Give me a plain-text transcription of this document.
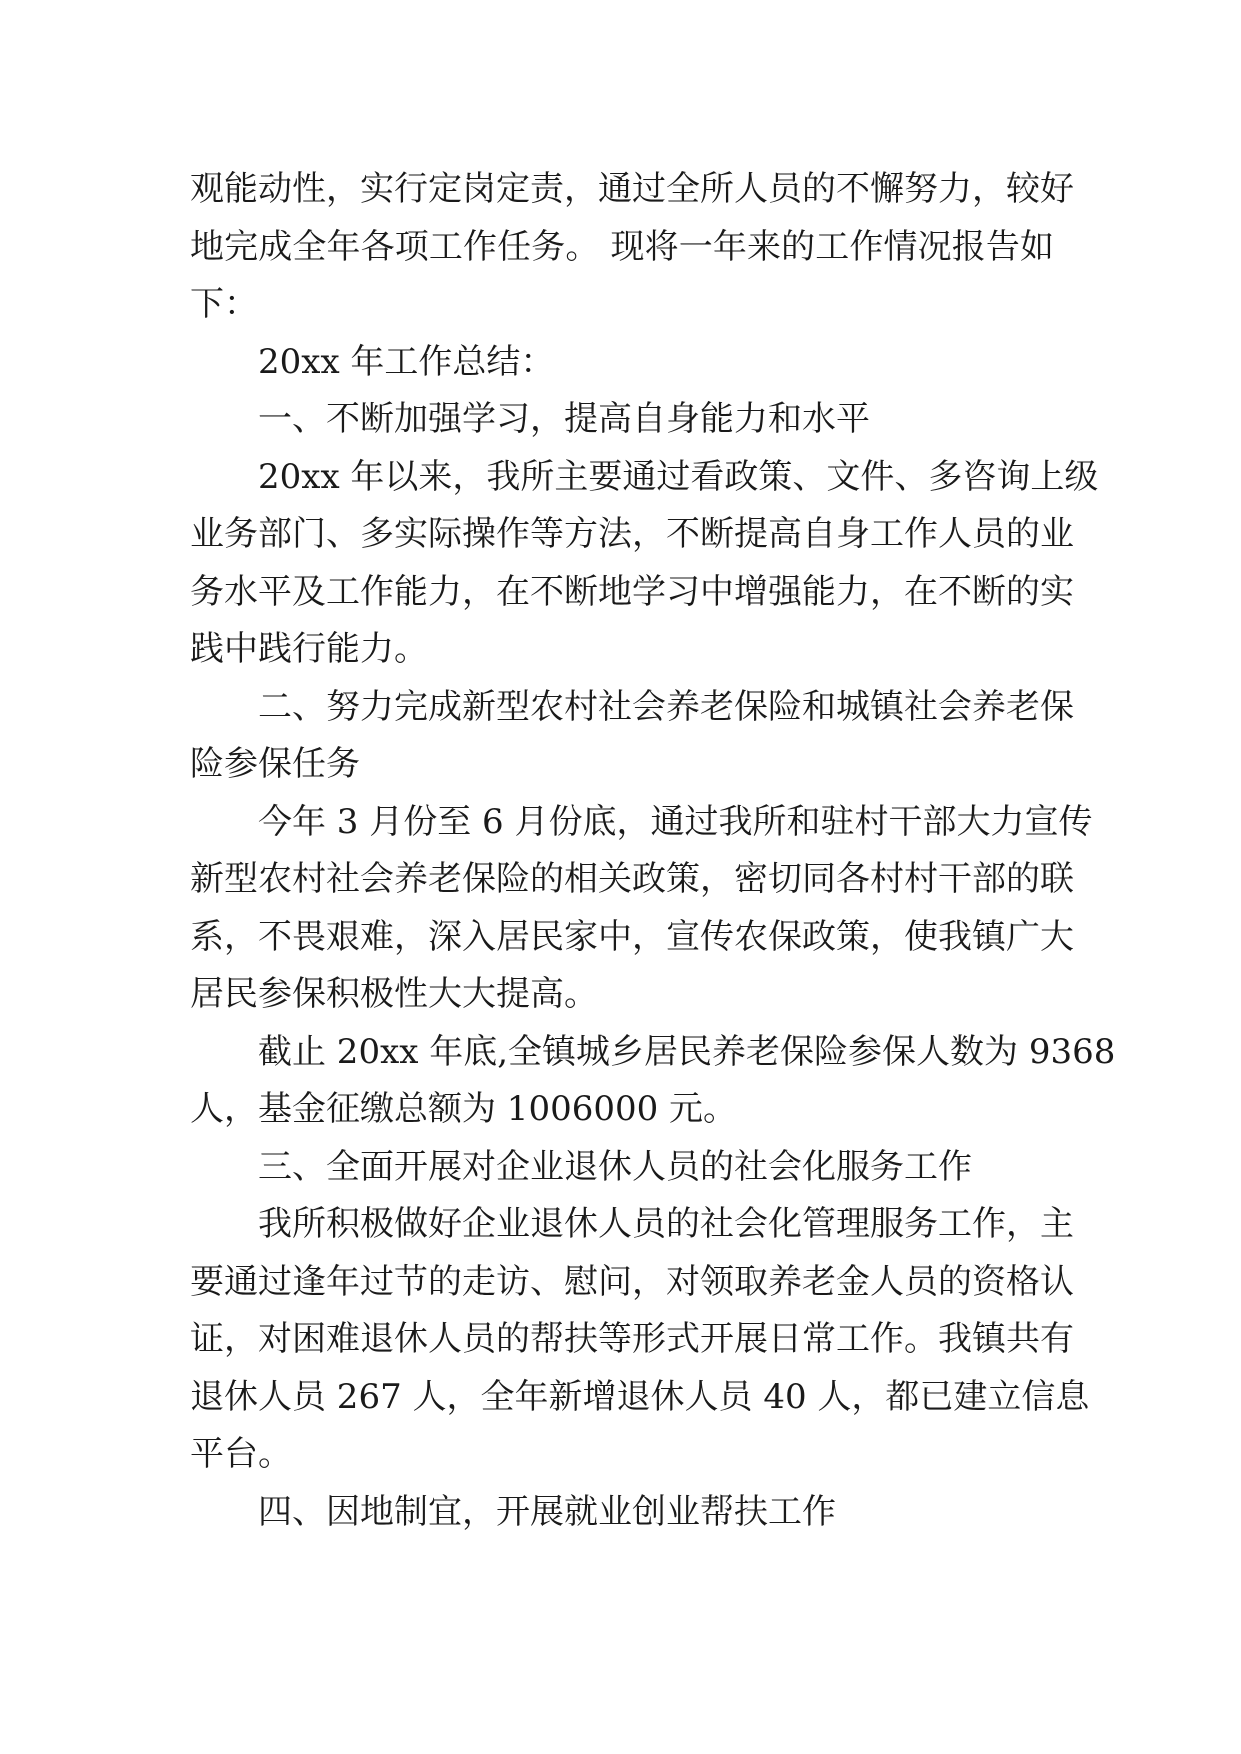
观能动性，实行定岗定责，通过全所人员的不懈努力，较好
地完成全年各项工作任务。 现将一年来的工作情况报告如
下：
20xx 年工作总结：
一、不断加强学习，提高自身能力和水平
20xx 年以来，我所主要通过看政策、文件、多咨询上级
业务部门、多实际操作等方法，不断提高自身工作人员的业
务水平及工作能力，在不断地学习中增强能力，在不断的实
践中践行能力。
二、努力完成新型农村社会养老保险和城镇社会养老保
险参保任务
今年 3 月份至 6 月份底，通过我所和驻村干部大力宣传
新型农村社会养老保险的相关政策，密切同各村村干部的联
系，不畏艰难，深入居民家中，宣传农保政策，使我镇广大
居民参保积极性大大提高。
截止 20xx 年底,全镇城乡居民养老保险参保人数为 9368
人，基金征缴总额为 1006000 元。
三、全面开展对企业退休人员的社会化服务工作
我所积极做好企业退休人员的社会化管理服务工作，主
要通过逢年过节的走访、慰问，对领取养老金人员的资格认
证，对困难退休人员的帮扶等形式开展日常工作。我镇共有
退休人员 267 人，全年新增退休人员 40 人，都已建立信息
平台。
四、因地制宜，开展就业创业帮扶工作
